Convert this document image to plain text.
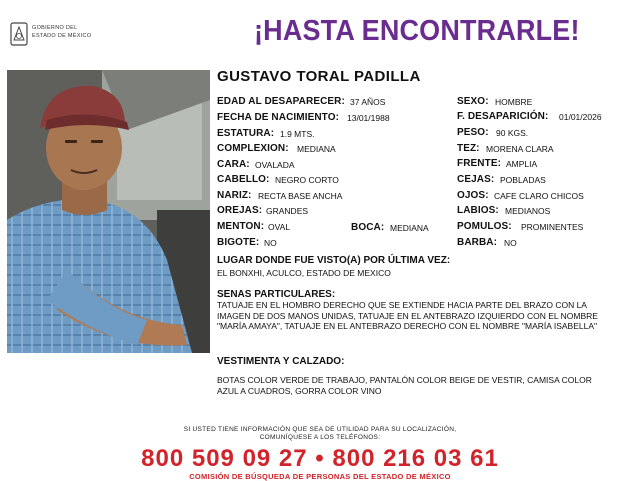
GOBIERNO DEL
ESTADO DE MÉXICO	¡HASTA ENCONTRARLE!
GUSTAVO TORAL PADILLA
EDAD AL DESAPARECER: 37 AÑOS
FECHA DE NACIMIENTO: 13/01/1988
ESTATURA: 1.9 MTS.
COMPLEXION: MEDIANA
CARA: OVALADA
CABELLO: NEGRO CORTO
NARIZ: RECTA BASE ANCHA
OREJAS: GRANDES
MENTON: OVAL	BOCA: MEDIANA
BIGOTE: NO
SEXO: HOMBRE
F. DESAPARICIÓN: 01/01/2026
PESO: 90 KGS.
TEZ: MORENA CLARA
FRENTE: AMPLIA
CEJAS: POBLADAS
OJOS: CAFE CLARO CHICOS
LABIOS: MEDIANOS
POMULOS: PROMINENTES
BARBA: NO
LUGAR DONDE FUE VISTO(A) POR ÚLTIMA VEZ:
EL BONXHI, ACULCO, ESTADO DE MEXICO
SENAS PARTICULARES:
TATUAJE EN EL HOMBRO DERECHO QUE SE EXTIENDE HACIA PARTE DEL BRAZO CON LA IMAGEN DE DOS MANOS UNIDAS, TATUAJE EN EL ANTEBRAZO IZQUIERDO CON EL NOMBRE "MARÍA AMAYA", TATUAJE EN EL ANTEBRAZO DERECHO CON EL NOMBRE "MARÍA ISABELLA"
VESTIMENTA Y CALZADO:
BOTAS COLOR VERDE DE TRABAJO, PANTALÓN COLOR BEIGE DE VESTIR, CAMISA COLOR AZUL A CUADROS, GORRA COLOR VINO
SI USTED TIENE INFORMACIÓN QUE SEA DE UTILIDAD PARA SU LOCALIZACIÓN,
COMUNÍQUESE A LOS TELÉFONOS:
800 509 09 27 • 800 216 03 61
COMISIÓN DE BÚSQUEDA DE PERSONAS DEL ESTADO DE MÉXICO
